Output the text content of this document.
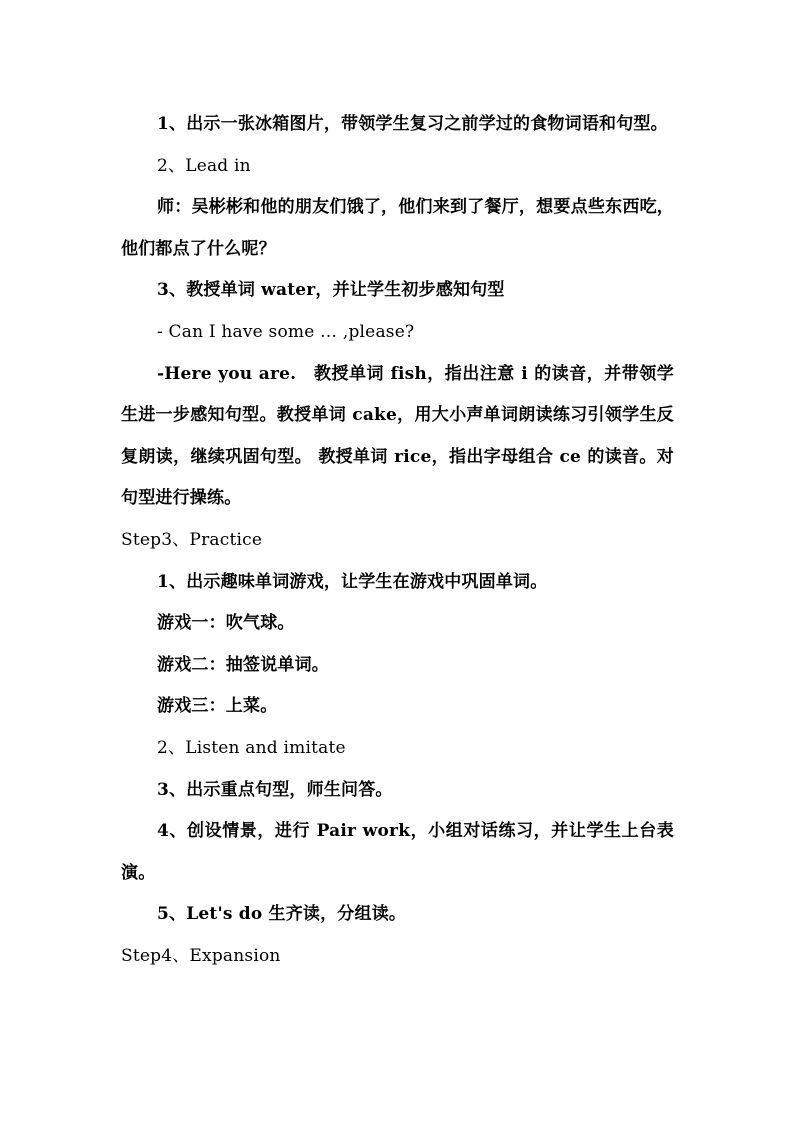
1、出示一张冰箱图片，带领学生复习之前学过的食物词语和句型。

2、Lead in

师：吴彬彬和他的朋友们饿了，他们来到了餐厅，想要点些东西吃，他们都点了什么呢？

3、教授单词 water，并让学生初步感知句型

- Can I have some … ,please?

-Here you are.　教授单词 fish，指出注意 i 的读音，并带领学生进一步感知句型。教授单词 cake，用大小声单词朗读练习引领学生反复朗读，继续巩固句型。 教授单词 rice，指出字母组合 ce 的读音。对句型进行操练。

Step3、Practice

1、出示趣味单词游戏，让学生在游戏中巩固单词。

游戏一：吹气球。

游戏二：抽签说单词。

游戏三：上菜。

2、Listen and imitate

3、出示重点句型，师生问答。

4、创设情景，进行 Pair work，小组对话练习，并让学生上台表演。

5、Let's do 生齐读，分组读。

Step4、Expansion
